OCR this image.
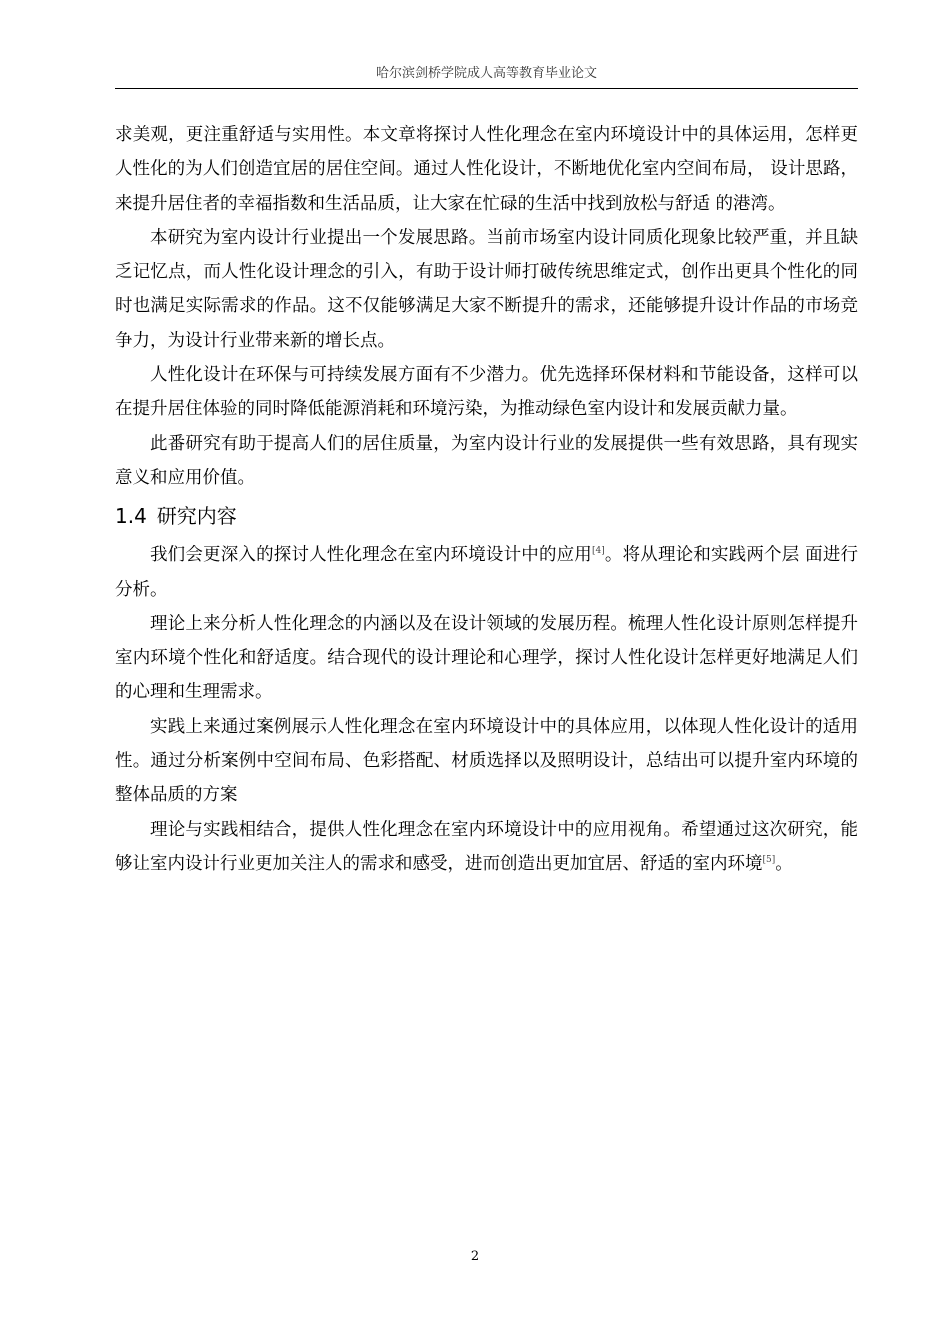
哈尔滨剑桥学院成人高等教育毕业论文

求美观，更注重舒适与实用性。本文章将探讨人性化理念在室内环境设计中的具体运用，怎样更人性化的为人们创造宜居的居住空间。通过人性化设计，不断地优化室内空间布局， 设计思路，来提升居住者的幸福指数和生活品质，让大家在忙碌的生活中找到放松与舒适 的港湾。

本研究为室内设计行业提出一个发展思路。当前市场室内设计同质化现象比较严重，并且缺乏记忆点，而人性化设计理念的引入，有助于设计师打破传统思维定式，创作出更具个性化的同时也满足实际需求的作品。这不仅能够满足大家不断提升的需求，还能够提升设计作品的市场竞争力，为设计行业带来新的增长点。

人性化设计在环保与可持续发展方面有不少潜力。优先选择环保材料和节能设备，这样可以在提升居住体验的同时降低能源消耗和环境污染，为推动绿色室内设计和发展贡献力量。

此番研究有助于提高人们的居住质量，为室内设计行业的发展提供一些有效思路，具有现实意义和应用价值。

1.4 研究内容

我们会更深入的探讨人性化理念在室内环境设计中的应用[4]。将从理论和实践两个层 面进行分析。

理论上来分析人性化理念的内涵以及在设计领域的发展历程。梳理人性化设计原则怎样提升室内环境个性化和舒适度。结合现代的设计理论和心理学，探讨人性化设计怎样更好地满足人们的心理和生理需求。

实践上来通过案例展示人性化理念在室内环境设计中的具体应用，以体现人性化设计的适用性。通过分析案例中空间布局、色彩搭配、材质选择以及照明设计，总结出可以提升室内环境的整体品质的方案

理论与实践相结合，提供人性化理念在室内环境设计中的应用视角。希望通过这次研究，能够让室内设计行业更加关注人的需求和感受，进而创造出更加宜居、舒适的室内环境[5]。

2
